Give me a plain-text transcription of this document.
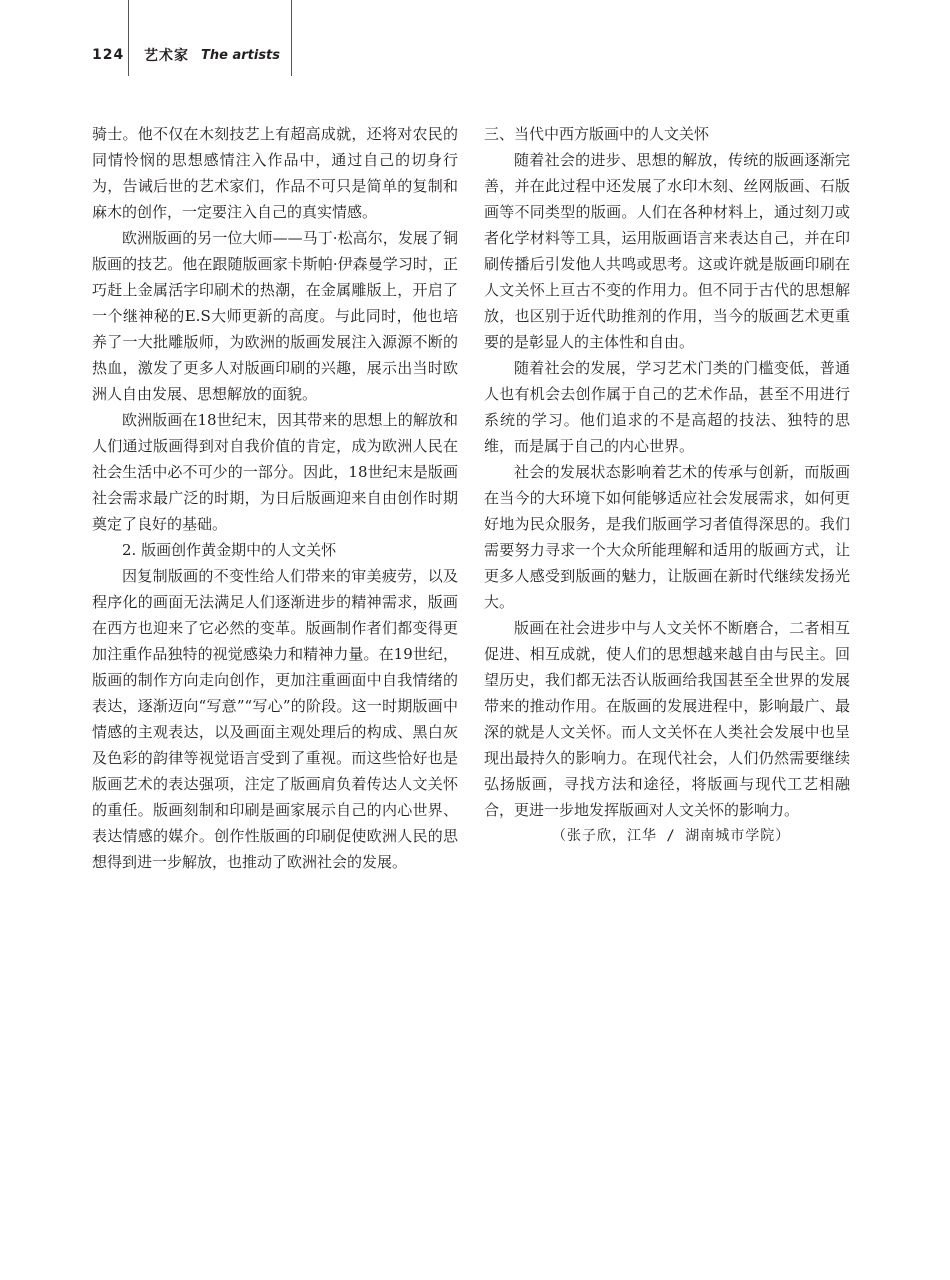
124 艺术家 The artists

骑士。他不仅在木刻技艺上有超高成就，还将对农民的同情怜悯的思想感情注入作品中，通过自己的切身行为，告诫后世的艺术家们，作品不可只是简单的复制和麻木的创作，一定要注入自己的真实情感。

欧洲版画的另一位大师——马丁·松高尔，发展了铜版画的技艺。他在跟随版画家卡斯帕·伊森曼学习时，正巧赶上金属活字印刷术的热潮，在金属雕版上，开启了一个继神秘的E.S大师更新的高度。与此同时，他也培养了一大批雕版师，为欧洲的版画发展注入源源不断的热血，激发了更多人对版画印刷的兴趣，展示出当时欧洲人自由发展、思想解放的面貌。

欧洲版画在18世纪末，因其带来的思想上的解放和人们通过版画得到对自我价值的肯定，成为欧洲人民在社会生活中必不可少的一部分。因此，18世纪末是版画社会需求最广泛的时期，为日后版画迎来自由创作时期奠定了良好的基础。

2. 版画创作黄金期中的人文关怀

因复制版画的不变性给人们带来的审美疲劳，以及程序化的画面无法满足人们逐渐进步的精神需求，版画在西方也迎来了它必然的变革。版画制作者们都变得更加注重作品独特的视觉感染力和精神力量。在19世纪，版画的制作方向走向创作，更加注重画面中自我情绪的表达，逐渐迈向“写意”“写心”的阶段。这一时期版画中情感的主观表达，以及画面主观处理后的构成、黑白灰及色彩的韵律等视觉语言受到了重视。而这些恰好也是版画艺术的表达强项，注定了版画肩负着传达人文关怀的重任。版画刻制和印刷是画家展示自己的内心世界、表达情感的媒介。创作性版画的印刷促使欧洲人民的思想得到进一步解放，也推动了欧洲社会的发展。

三、当代中西方版画中的人文关怀

随着社会的进步、思想的解放，传统的版画逐渐完善，并在此过程中还发展了水印木刻、丝网版画、石版画等不同类型的版画。人们在各种材料上，通过刻刀或者化学材料等工具，运用版画语言来表达自己，并在印刷传播后引发他人共鸣或思考。这或许就是版画印刷在人文关怀上亘古不变的作用力。但不同于古代的思想解放，也区别于近代助推剂的作用，当今的版画艺术更重要的是彰显人的主体性和自由。

随着社会的发展，学习艺术门类的门槛变低，普通人也有机会去创作属于自己的艺术作品，甚至不用进行系统的学习。他们追求的不是高超的技法、独特的思维，而是属于自己的内心世界。

社会的发展状态影响着艺术的传承与创新，而版画在当今的大环境下如何能够适应社会发展需求，如何更好地为民众服务，是我们版画学习者值得深思的。我们需要努力寻求一个大众所能理解和适用的版画方式，让更多人感受到版画的魅力，让版画在新时代继续发扬光大。

版画在社会进步中与人文关怀不断磨合，二者相互促进、相互成就，使人们的思想越来越自由与民主。回望历史，我们都无法否认版画给我国甚至全世界的发展带来的推动作用。在版画的发展进程中，影响最广、最深的就是人文关怀。而人文关怀在人类社会发展中也呈现出最持久的影响力。在现代社会，人们仍然需要继续弘扬版画，寻找方法和途径，将版画与现代工艺相融合，更进一步地发挥版画对人文关怀的影响力。

（张子欣，江华 / 湖南城市学院）
